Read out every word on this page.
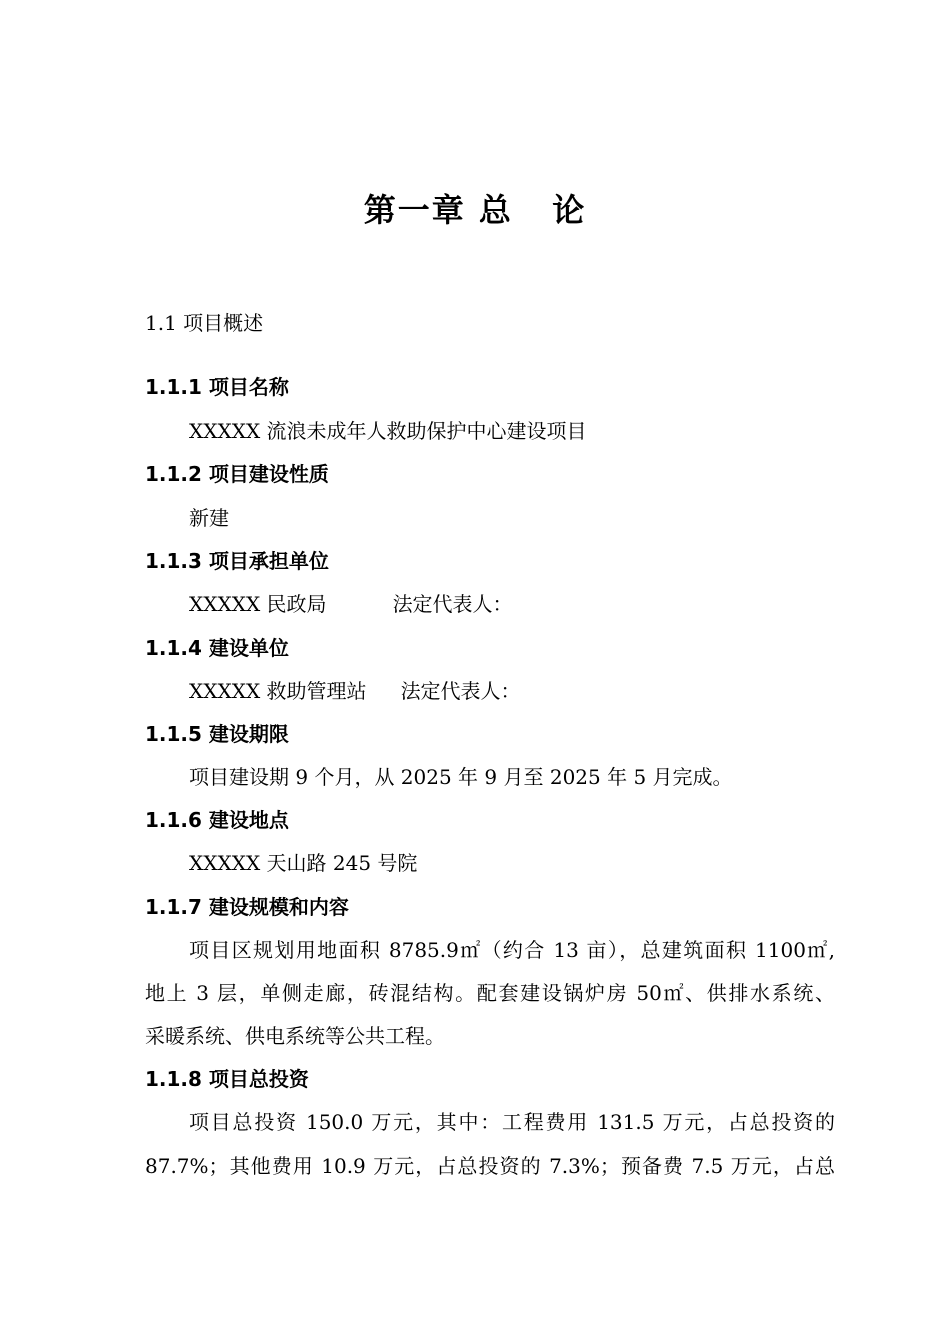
第一章 总   论
1.1 项目概述
1.1.1 项目名称
XXXXX 流浪未成年人救助保护中心建设项目
1.1.2 项目建设性质
新建
1.1.3 项目承担单位
XXXXX 民政局	法定代表人：
1.1.4 建设单位
XXXXX 救助管理站 法定代表人：
1.1.5 建设期限
项目建设期 9 个月，从 2025 年 9 月至 2025 年 5 月完成。
1.1.6 建设地点
XXXXX 天山路 245 号院
1.1.7 建设规模和内容
项目区规划用地面积 8785.9㎡（约合 13 亩），总建筑面积 1100㎡,
地上 3 层，单侧走廊，砖混结构。配套建设锅炉房 50㎡、供排水系统、
采暖系统、供电系统等公共工程。
1.1.8 项目总投资
项目总投资 150.0 万元，其中：工程费用 131.5 万元，占总投资的
87.7%；其他费用 10.9 万元，占总投资的 7.3%；预备费 7.5 万元，占总
